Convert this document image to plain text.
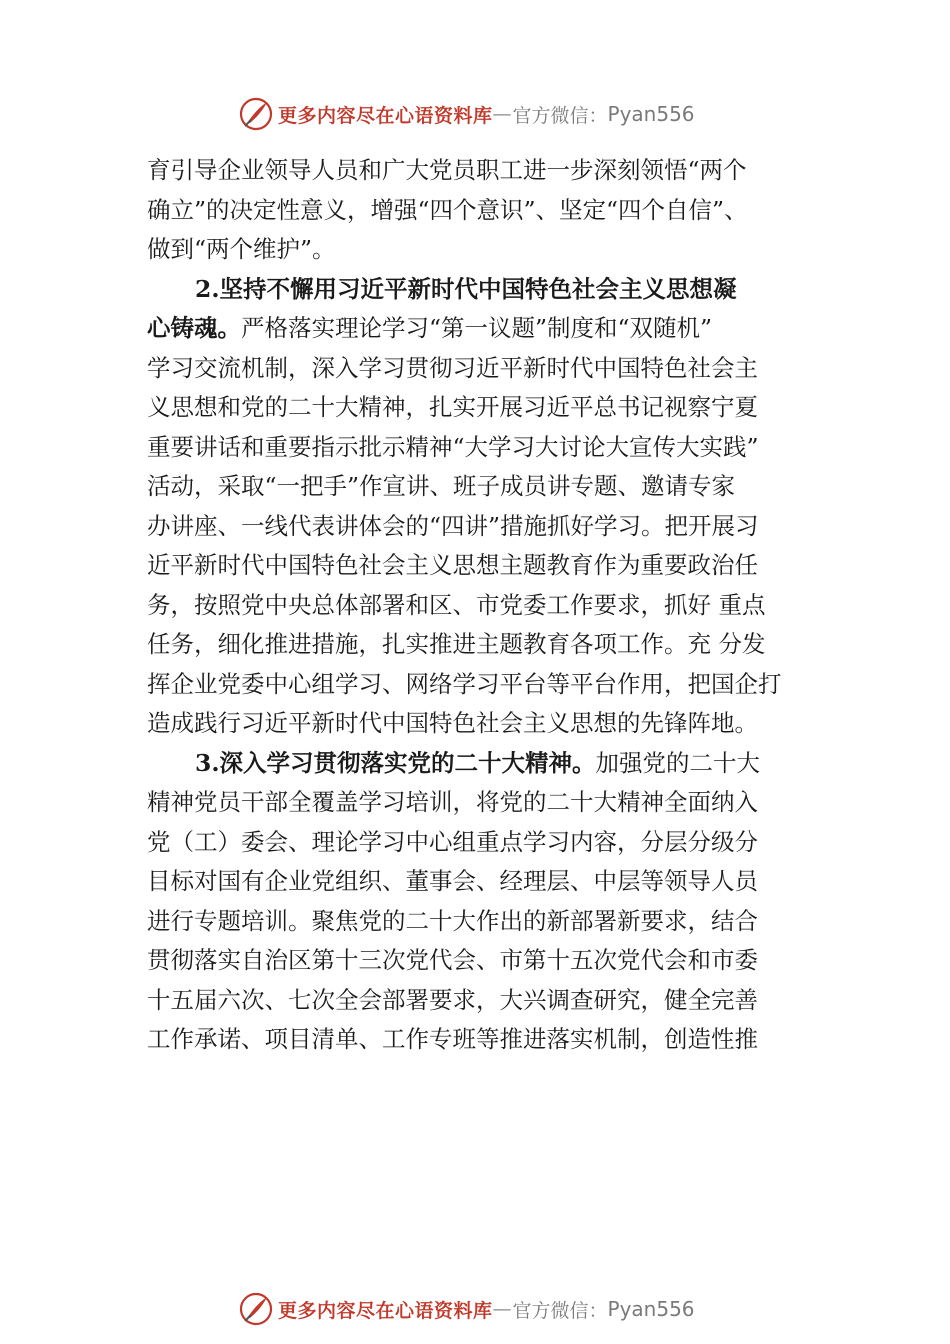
更多内容尽在心语资料库 — 官方微信： Pyan556
育引导企业领导人员和广大党员职工进一步深刻领悟“两个
确立”的决定性意义，增强“四个意识”、坚定“四个自信”、
做到“两个维护”。
2.坚持不懈用习近平新时代中国特色社会主义思想凝
心铸魂。严格落实理论学习“第一议题”制度和“双随机”
学习交流机制，深入学习贯彻习近平新时代中国特色社会主
义思想和党的二十大精神，扎实开展习近平总书记视察宁夏
重要讲话和重要指示批示精神“大学习大讨论大宣传大实践”
活动，采取“一把手”作宣讲、班子成员讲专题、邀请专家
办讲座、一线代表讲体会的“四讲”措施抓好学习。把开展习
近平新时代中国特色社会主义思想主题教育作为重要政治任
务，按照党中央总体部署和区、市党委工作要求，抓好 重点
任务，细化推进措施，扎实推进主题教育各项工作。充 分发
挥企业党委中心组学习、网络学习平台等平台作用，把国企打
造成践行习近平新时代中国特色社会主义思想的先锋阵地。
3.深入学习贯彻落实党的二十大精神。加强党的二十大
精神党员干部全覆盖学习培训，将党的二十大精神全面纳入
党（工）委会、理论学习中心组重点学习内容，分层分级分
目标对国有企业党组织、董事会、经理层、中层等领导人员
进行专题培训。聚焦党的二十大作出的新部署新要求，结合
贯彻落实自治区第十三次党代会、市第十五次党代会和市委
十五届六次、七次全会部署要求，大兴调查研究，健全完善
工作承诺、项目清单、工作专班等推进落实机制，创造性推
更多内容尽在心语资料库 — 官方微信： Pyan556
